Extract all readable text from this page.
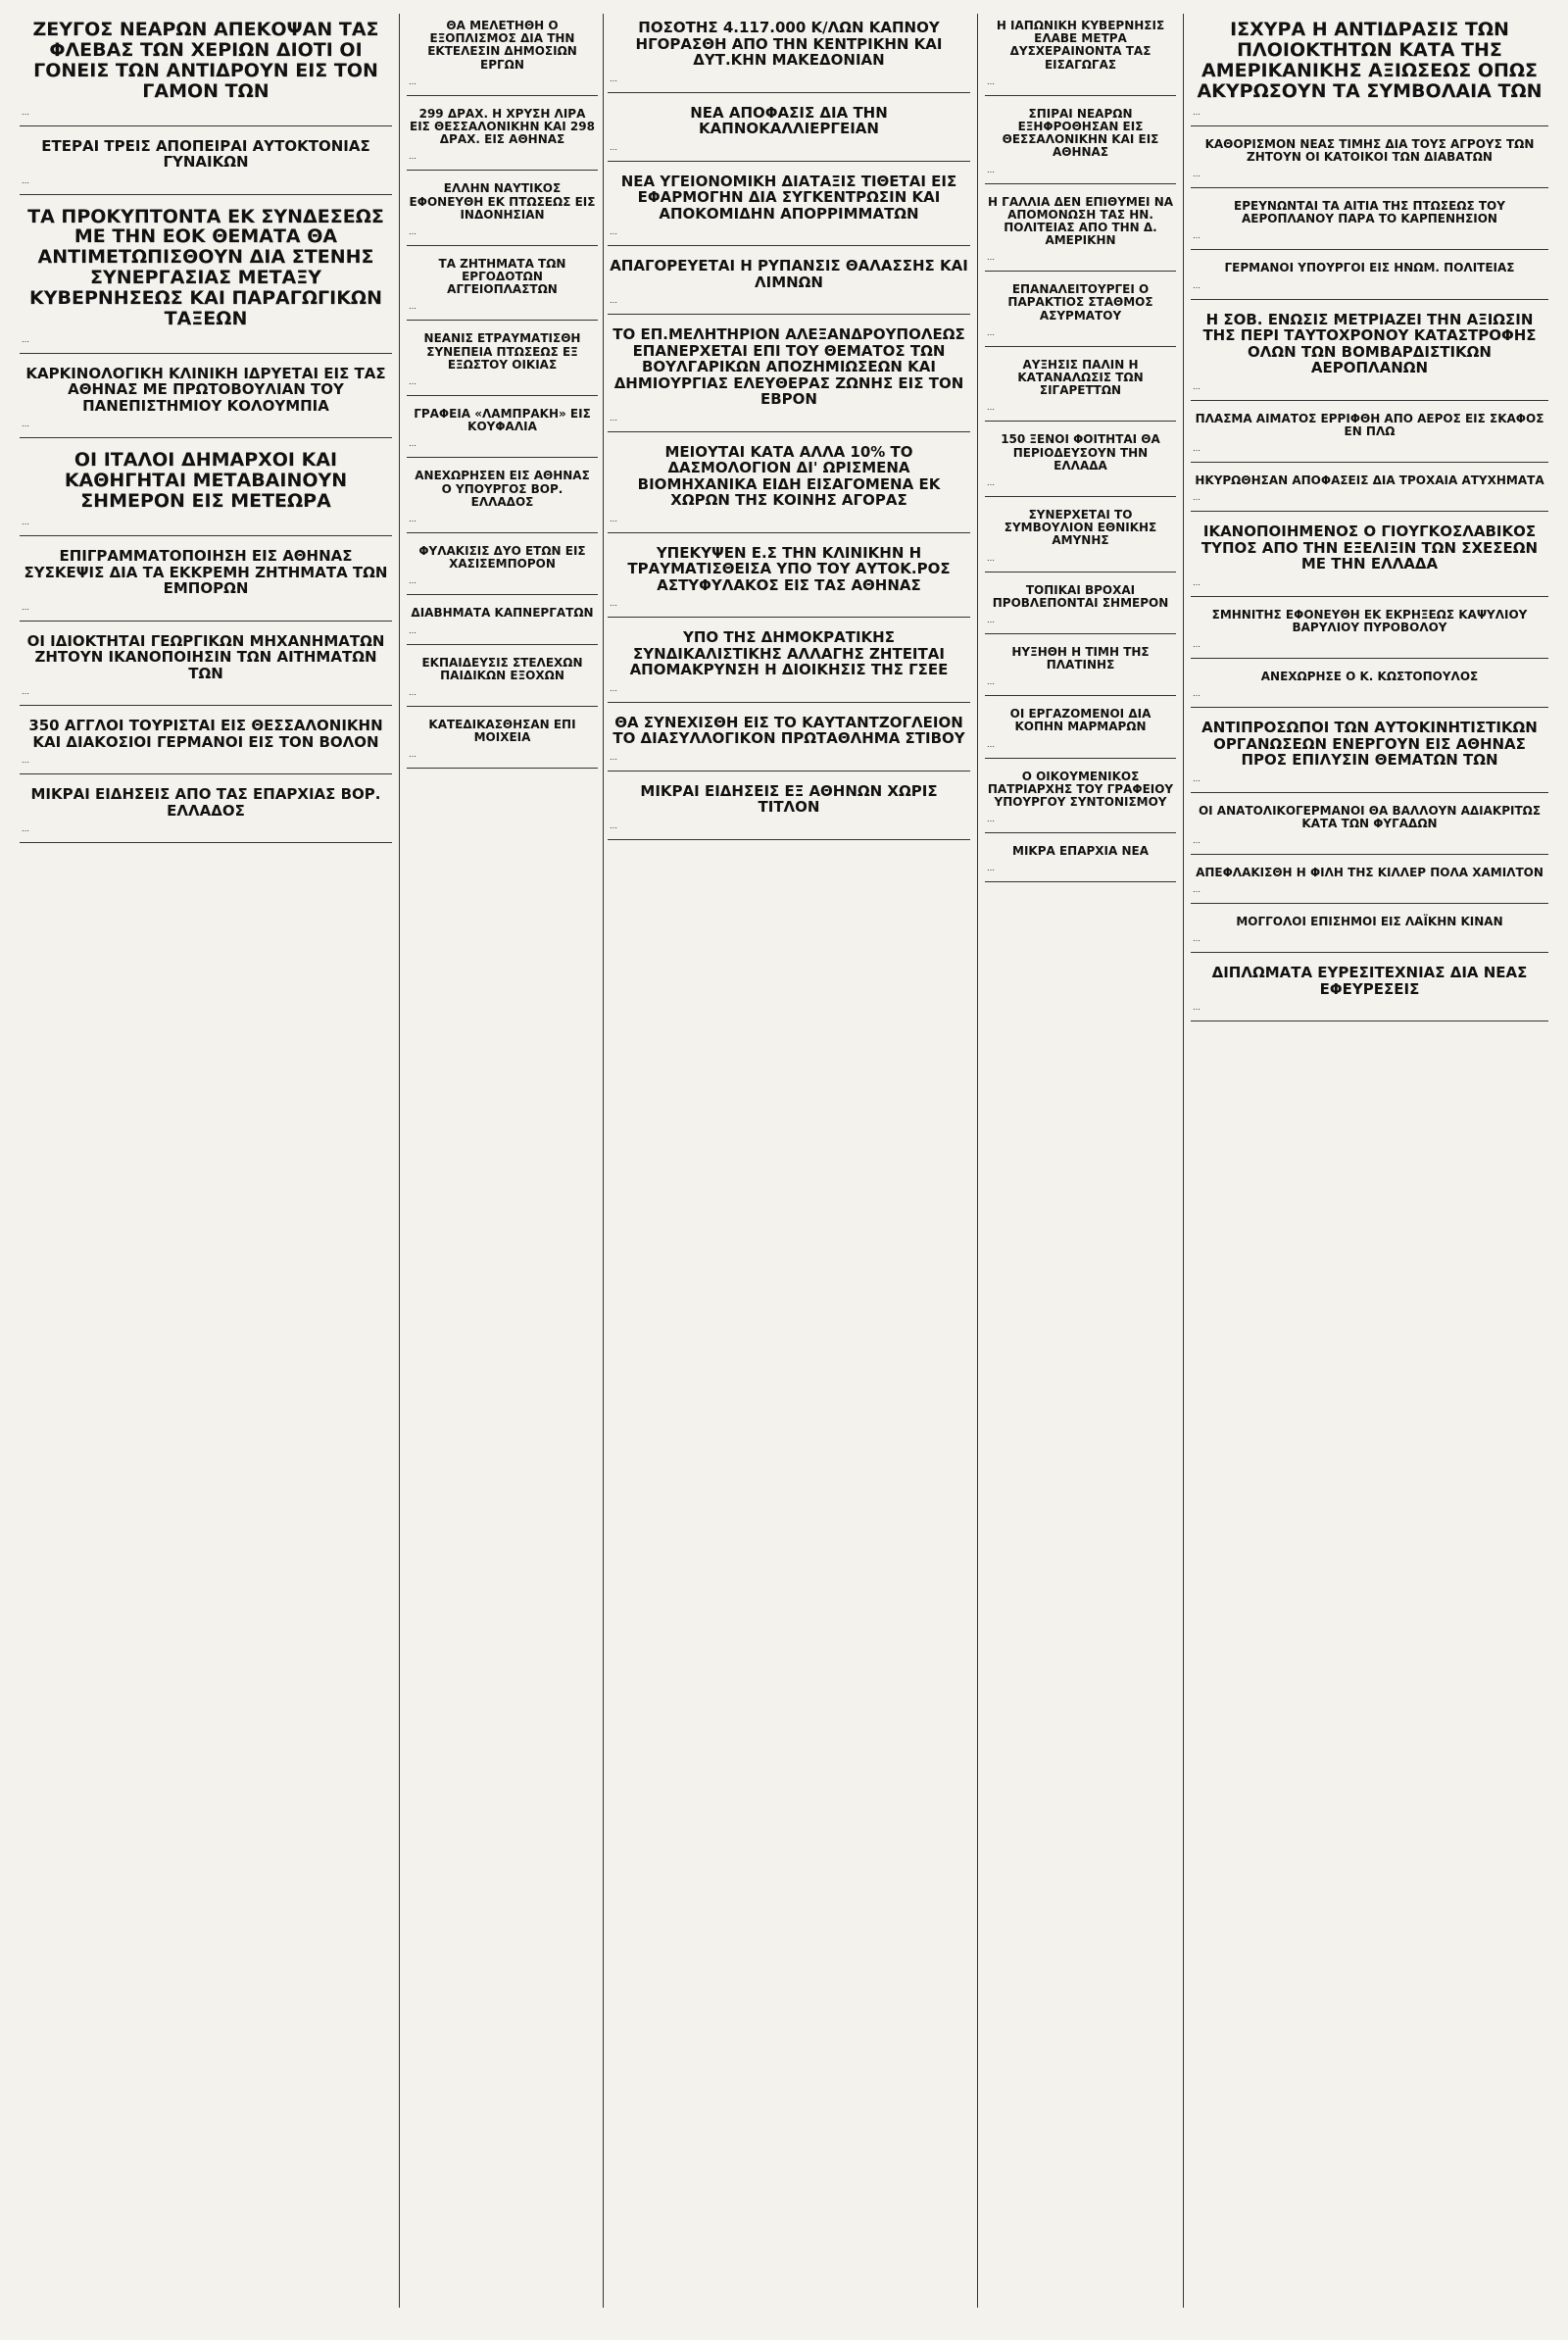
ΖΕΥΓΟΣ ΝΕΑΡΩΝ ΑΠΕΚΟΨΑΝ ΤΑΣ ΦΛΕΒΑΣ ΤΩΝ ΧΕΡΙΩΝ ΔΙΟΤΙ ΟΙ ΓΟΝΕΙΣ ΤΩΝ ΑΝΤΙΔΡΟΥΝ ΕΙΣ ΤΟΝ ΓΑΜΟΝ ΤΩΝ
…
ΕΤΕΡΑΙ ΤΡΕΙΣ ΑΠΟΠΕΙΡΑΙ ΑΥΤΟΚΤΟΝΙΑΣ ΓΥΝΑΙΚΩΝ
…
ΤΑ ΠΡΟΚΥΠΤΟΝΤΑ ΕΚ ΣΥΝΔΕΣΕΩΣ ΜΕ ΤΗΝ ΕΟΚ ΘΕΜΑΤΑ ΘΑ ΑΝΤΙΜΕΤΩΠΙΣΘΟΥΝ ΔΙΑ ΣΤΕΝΗΣ ΣΥΝΕΡΓΑΣΙΑΣ ΜΕΤΑΞΥ ΚΥΒΕΡΝΗΣΕΩΣ ΚΑΙ ΠΑΡΑΓΩΓΙΚΩΝ ΤΑΞΕΩΝ
…
ΚΑΡΚΙΝΟΛΟΓΙΚΗ ΚΛΙΝΙΚΗ ΙΔΡΥΕΤΑΙ ΕΙΣ ΤΑΣ ΑΘΗΝΑΣ ΜΕ ΠΡΩΤΟΒΟΥΛΙΑΝ ΤΟΥ ΠΑΝΕΠΙΣΤΗΜΙΟΥ ΚΟΛΟΥΜΠΙΑ
…
ΟΙ ΙΤΑΛΟΙ ΔΗΜΑΡΧΟΙ ΚΑΙ ΚΑΘΗΓΗΤΑΙ ΜΕΤΑΒΑΙΝΟΥΝ ΣΗΜΕΡΟΝ ΕΙΣ ΜΕΤΕΩΡΑ
…
ΕΠΙΓΡΑΜΜΑΤΟΠΟΙΗΣΗ ΕΙΣ ΑΘΗΝΑΣ ΣΥΣΚΕΨΙΣ ΔΙΑ ΤΑ ΕΚΚΡΕΜΗ ΖΗΤΗΜΑΤΑ ΤΩΝ ΕΜΠΟΡΩΝ
…
ΟΙ ΙΔΙΟΚΤΗΤΑΙ ΓΕΩΡΓΙΚΩΝ ΜΗΧΑΝΗΜΑΤΩΝ ΖΗΤΟΥΝ ΙΚΑΝΟΠΟΙΗΣΙΝ ΤΩΝ ΑΙΤΗΜΑΤΩΝ ΤΩΝ
…
350 ΑΓΓΛΟΙ ΤΟΥΡΙΣΤΑΙ ΕΙΣ ΘΕΣΣΑΛΟΝΙΚΗΝ ΚΑΙ ΔΙΑΚΟΣΙΟΙ ΓΕΡΜΑΝΟΙ ΕΙΣ ΤΟΝ ΒΟΛΟΝ
…
ΜΙΚΡΑΙ ΕΙΔΗΣΕΙΣ ΑΠΟ ΤΑΣ ΕΠΑΡΧΙΑΣ ΒΟΡ. ΕΛΛΑΔΟΣ
…
ΘΑ ΜΕΛΕΤΗΘΗ Ο ΕΞΟΠΛΙΣΜΟΣ ΔΙΑ ΤΗΝ ΕΚΤΕΛΕΣΙΝ ΔΗΜΟΣΙΩΝ ΕΡΓΩΝ
…
299 ΔΡΑΧ. Η ΧΡΥΣΗ ΛΙΡΑ ΕΙΣ ΘΕΣΣΑΛΟΝΙΚΗΝ ΚΑΙ 298 ΔΡΑΧ. ΕΙΣ ΑΘΗΝΑΣ
…
ΕΛΛΗΝ ΝΑΥΤΙΚΟΣ ΕΦΟΝΕΥΘΗ ΕΚ ΠΤΩΣΕΩΣ ΕΙΣ ΙΝΔΟΝΗΣΙΑΝ
…
ΤΑ ΖΗΤΗΜΑΤΑ ΤΩΝ ΕΡΓΟΔΟΤΩΝ ΑΓΓΕΙΟΠΛΑΣΤΩΝ
…
ΝΕΑΝΙΣ ΕΤΡΑΥΜΑΤΙΣΘΗ ΣΥΝΕΠΕΙΑ ΠΤΩΣΕΩΣ ΕΞ ΕΞΩΣΤΟΥ ΟΙΚΙΑΣ
…
ΓΡΑΦΕΙΑ «ΛΑΜΠΡΑΚΗ» ΕΙΣ ΚΟΥΦΑΛΙΑ
…
ΑΝΕΧΩΡΗΣΕΝ ΕΙΣ ΑΘΗΝΑΣ Ο ΥΠΟΥΡΓΟΣ ΒΟΡ. ΕΛΛΑΔΟΣ
…
ΦΥΛΑΚΙΣΙΣ ΔΥΟ ΕΤΩΝ ΕΙΣ ΧΑΣΙΣΕΜΠΟΡΟΝ
…
ΔΙΑΒΗΜΑΤΑ ΚΑΠΝΕΡΓΑΤΩΝ
…
ΕΚΠΑΙΔΕΥΣΙΣ ΣΤΕΛΕΧΩΝ ΠΑΙΔΙΚΩΝ ΕΞΟΧΩΝ
…
ΚΑΤΕΔΙΚΑΣΘΗΣΑΝ ΕΠΙ ΜΟΙΧΕΙΑ
…
ΠΟΣΟΤΗΣ 4.117.000 Κ/ΛΩΝ ΚΑΠΝΟΥ ΗΓΟΡΑΣΘΗ ΑΠΟ ΤΗΝ ΚΕΝΤΡΙΚΗΝ ΚΑΙ ΔΥΤ.ΚΗΝ ΜΑΚΕΔΟΝΙΑΝ
…
ΝΕΑ ΑΠΟΦΑΣΙΣ ΔΙΑ ΤΗΝ ΚΑΠΝΟΚΑΛΛΙΕΡΓΕΙΑΝ
…
ΝΕΑ ΥΓΕΙΟΝΟΜΙΚΗ ΔΙΑΤΑΞΙΣ ΤΙΘΕΤΑΙ ΕΙΣ ΕΦΑΡΜΟΓΗΝ ΔΙΑ ΣΥΓΚΕΝΤΡΩΣΙΝ ΚΑΙ ΑΠΟΚΟΜΙΔΗΝ ΑΠΟΡΡΙΜΜΑΤΩΝ
…
ΑΠΑΓΟΡΕΥΕΤΑΙ Η ΡΥΠΑΝΣΙΣ ΘΑΛΑΣΣΗΣ ΚΑΙ ΛΙΜΝΩΝ
…
ΤΟ ΕΠ.ΜΕΛΗΤΗΡΙΟΝ ΑΛΕΞΑΝΔΡΟΥΠΟΛΕΩΣ ΕΠΑΝΕΡΧΕΤΑΙ ΕΠΙ ΤΟΥ ΘΕΜΑΤΟΣ ΤΩΝ ΒΟΥΛΓΑΡΙΚΩΝ ΑΠΟΖΗΜΙΩΣΕΩΝ ΚΑΙ ΔΗΜΙΟΥΡΓΙΑΣ ΕΛΕΥΘΕΡΑΣ ΖΩΝΗΣ ΕΙΣ ΤΟΝ ΕΒΡΟΝ
…
ΜΕΙΟΥΤΑΙ ΚΑΤΑ ΑΛΛΑ 10% ΤΟ ΔΑΣΜΟΛΟΓΙΟΝ ΔΙ' ΩΡΙΣΜΕΝΑ ΒΙΟΜΗΧΑΝΙΚΑ ΕΙΔΗ ΕΙΣΑΓΟΜΕΝΑ ΕΚ ΧΩΡΩΝ ΤΗΣ ΚΟΙΝΗΣ ΑΓΟΡΑΣ
…
ΥΠΕΚΥΨΕΝ Ε.Σ ΤΗΝ ΚΛΙΝΙΚΗΝ Η ΤΡΑΥΜΑΤΙΣΘΕΙΣΑ ΥΠΟ ΤΟΥ ΑΥΤΟΚ.ΡΟΣ ΑΣΤΥΦΥΛΑΚΟΣ ΕΙΣ ΤΑΣ ΑΘΗΝΑΣ
…
ΥΠΟ ΤΗΣ ΔΗΜΟΚΡΑΤΙΚΗΣ ΣΥΝΔΙΚΑΛΙΣΤΙΚΗΣ ΑΛΛΑΓΗΣ ΖΗΤΕΙΤΑΙ ΑΠΟΜΑΚΡΥΝΣΗ Η ΔΙΟΙΚΗΣΙΣ ΤΗΣ ΓΣΕΕ
…
ΘΑ ΣΥΝΕΧΙΣΘΗ ΕΙΣ ΤΟ ΚΑΥΤΑΝΤΖΟΓΛΕΙΟΝ ΤΟ ΔΙΑΣΥΛΛΟΓΙΚΟΝ ΠΡΩΤΑΘΛΗΜΑ ΣΤΙΒΟΥ
…
ΜΙΚΡΑΙ ΕΙΔΗΣΕΙΣ ΕΞ ΑΘΗΝΩΝ ΧΩΡΙΣ ΤΙΤΛΟΝ
…
Η ΙΑΠΩΝΙΚΗ ΚΥΒΕΡΝΗΣΙΣ ΕΛΑΒΕ ΜΕΤΡΑ ΔΥΣΧΕΡΑΙΝΟΝΤΑ ΤΑΣ ΕΙΣΑΓΩΓΑΣ
…
ΣΠΙΡΑΙ ΝΕΑΡΩΝ ΕΞΗΦΡΟΘΗΣΑΝ ΕΙΣ ΘΕΣΣΑΛΟΝΙΚΗΝ ΚΑΙ ΕΙΣ ΑΘΗΝΑΣ
…
Η ΓΑΛΛΙΑ ΔΕΝ ΕΠΙΘΥΜΕΙ ΝΑ ΑΠΟΜΟΝΩΣΗ ΤΑΣ ΗΝ. ΠΟΛΙΤΕΙΑΣ ΑΠΟ ΤΗΝ Δ. ΑΜΕΡΙΚΗΝ
…
ΕΠΑΝΑΛΕΙΤΟΥΡΓΕΙ Ο ΠΑΡΑΚΤΙΟΣ ΣΤΑΘΜΟΣ ΑΣΥΡΜΑΤΟΥ
…
ΑΥΞΗΣΙΣ ΠΑΛΙΝ Η ΚΑΤΑΝΑΛΩΣΙΣ ΤΩΝ ΣΙΓΑΡΕΤΤΩΝ
…
150 ΞΕΝΟΙ ΦΟΙΤΗΤΑΙ ΘΑ ΠΕΡΙΟΔΕΥΣΟΥΝ ΤΗΝ ΕΛΛΑΔΑ
…
ΣΥΝΕΡΧΕΤΑΙ ΤΟ ΣΥΜΒΟΥΛΙΟΝ ΕΘΝΙΚΗΣ ΑΜΥΝΗΣ
…
ΤΟΠΙΚΑΙ ΒΡΟΧΑΙ ΠΡΟΒΛΕΠΟΝΤΑΙ ΣΗΜΕΡΟΝ
…
ΗΥΞΗΘΗ Η ΤΙΜΗ ΤΗΣ ΠΛΑΤΙΝΗΣ
…
ΟΙ ΕΡΓΑΖΟΜΕΝΟΙ ΔΙΑ ΚΟΠΗΝ ΜΑΡΜΑΡΩΝ
…
Ο ΟΙΚΟΥΜΕΝΙΚΟΣ ΠΑΤΡΙΑΡΧΗΣ ΤΟΥ ΓΡΑΦΕΙΟΥ ΥΠΟΥΡΓΟΥ ΣΥΝΤΟΝΙΣΜΟΥ
…
ΜΙΚΡΑ ΕΠΑΡΧΙΑ ΝΕΑ
…
ΙΣΧΥΡΑ Η ΑΝΤΙΔΡΑΣΙΣ ΤΩΝ ΠΛΟΙΟΚΤΗΤΩΝ ΚΑΤΑ ΤΗΣ ΑΜΕΡΙΚΑΝΙΚΗΣ ΑΞΙΩΣΕΩΣ ΟΠΩΣ ΑΚΥΡΩΣΟΥΝ ΤΑ ΣΥΜΒΟΛΑΙΑ ΤΩΝ
…
ΚΑΘΟΡΙΣΜΟΝ ΝΕΑΣ ΤΙΜΗΣ ΔΙΑ ΤΟΥΣ ΑΓΡΟΥΣ ΤΩΝ ΖΗΤΟΥΝ ΟΙ ΚΑΤΟΙΚΟΙ ΤΩΝ ΔΙΑΒΑΤΩΝ
…
ΕΡΕΥΝΩΝΤΑΙ ΤΑ ΑΙΤΙΑ ΤΗΣ ΠΤΩΣΕΩΣ ΤΟΥ ΑΕΡΟΠΛΑΝΟΥ ΠΑΡΑ ΤΟ ΚΑΡΠΕΝΗΣΙΟΝ
…
ΓΕΡΜΑΝΟΙ ΥΠΟΥΡΓΟΙ ΕΙΣ ΗΝΩΜ. ΠΟΛΙΤΕΙΑΣ
…
Η ΣΟΒ. ΕΝΩΣΙΣ ΜΕΤΡΙΑΖΕΙ ΤΗΝ ΑΞΙΩΣΙΝ ΤΗΣ ΠΕΡΙ ΤΑΥΤΟΧΡΟΝΟΥ ΚΑΤΑΣΤΡΟΦΗΣ ΟΛΩΝ ΤΩΝ ΒΟΜΒΑΡΔΙΣΤΙΚΩΝ ΑΕΡΟΠΛΑΝΩΝ
…
ΠΛΑΣΜΑ ΑΙΜΑΤΟΣ ΕΡΡΙΦΘΗ ΑΠΟ ΑΕΡΟΣ ΕΙΣ ΣΚΑΦΟΣ ΕΝ ΠΛΩ
…
ΗΚΥΡΩΘΗΣΑΝ ΑΠΟΦΑΣΕΙΣ ΔΙΑ ΤΡΟΧΑΙΑ ΑΤΥΧΗΜΑΤΑ
…
ΙΚΑΝΟΠΟΙΗΜΕΝΟΣ Ο ΓΙΟΥΓΚΟΣΛΑΒΙΚΟΣ ΤΥΠΟΣ ΑΠΟ ΤΗΝ ΕΞΕΛΙΞΙΝ ΤΩΝ ΣΧΕΣΕΩΝ ΜΕ ΤΗΝ ΕΛΛΑΔΑ
…
ΣΜΗΝΙΤΗΣ ΕΦΟΝΕΥΘΗ ΕΚ ΕΚΡΗΞΕΩΣ ΚΑΨΥΛΙΟΥ ΒΑΡΥΛΙΟΥ ΠΥΡΟΒΟΛΟΥ
…
ΑΝΕΧΩΡΗΣΕ Ο Κ. ΚΩΣΤΟΠΟΥΛΟΣ
…
ΑΝΤΙΠΡΟΣΩΠΟΙ ΤΩΝ ΑΥΤΟΚΙΝΗΤΙΣΤΙΚΩΝ ΟΡΓΑΝΩΣΕΩΝ ΕΝΕΡΓΟΥΝ ΕΙΣ ΑΘΗΝΑΣ ΠΡΟΣ ΕΠΙΛΥΣΙΝ ΘΕΜΑΤΩΝ ΤΩΝ
…
ΟΙ ΑΝΑΤΟΛΙΚΟΓΕΡΜΑΝΟΙ ΘΑ ΒΑΛΛΟΥΝ ΑΔΙΑΚΡΙΤΩΣ ΚΑΤΑ ΤΩΝ ΦΥΓΑΔΩΝ
…
ΑΠΕΦΛΑΚΙΣΘΗ Η ΦΙΛΗ ΤΗΣ ΚΙΛΛΕΡ ΠΟΛΑ ΧΑΜΙΛΤΟΝ
…
ΜΟΓΓΟΛΟΙ ΕΠΙΣΗΜΟΙ ΕΙΣ ΛΑΪΚΗΝ ΚΙΝΑΝ
…
ΔΙΠΛΩΜΑΤΑ ΕΥΡΕΣΙΤΕΧΝΙΑΣ ΔΙΑ ΝΕΑΣ ΕΦΕΥΡΕΣΕΙΣ
…
